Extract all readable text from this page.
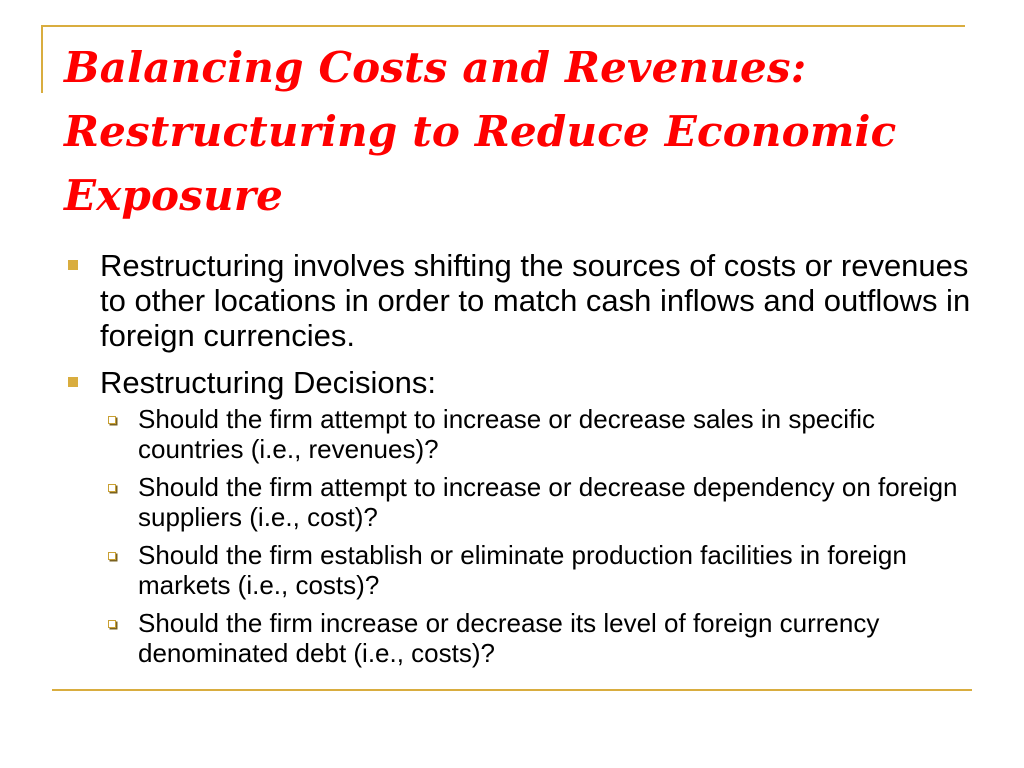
Balancing Costs and Revenues: Restructuring to Reduce Economic Exposure
Restructuring involves shifting the sources of costs or revenues to other locations in order to match cash inflows and outflows in foreign currencies.
Restructuring Decisions:
Should the firm attempt to increase or decrease sales in specific countries (i.e., revenues)?
Should the firm attempt to increase or decrease dependency on foreign suppliers (i.e., cost)?
Should the firm establish or eliminate production facilities in foreign markets (i.e., costs)?
Should the firm increase or decrease its level of foreign currency denominated debt (i.e., costs)?
